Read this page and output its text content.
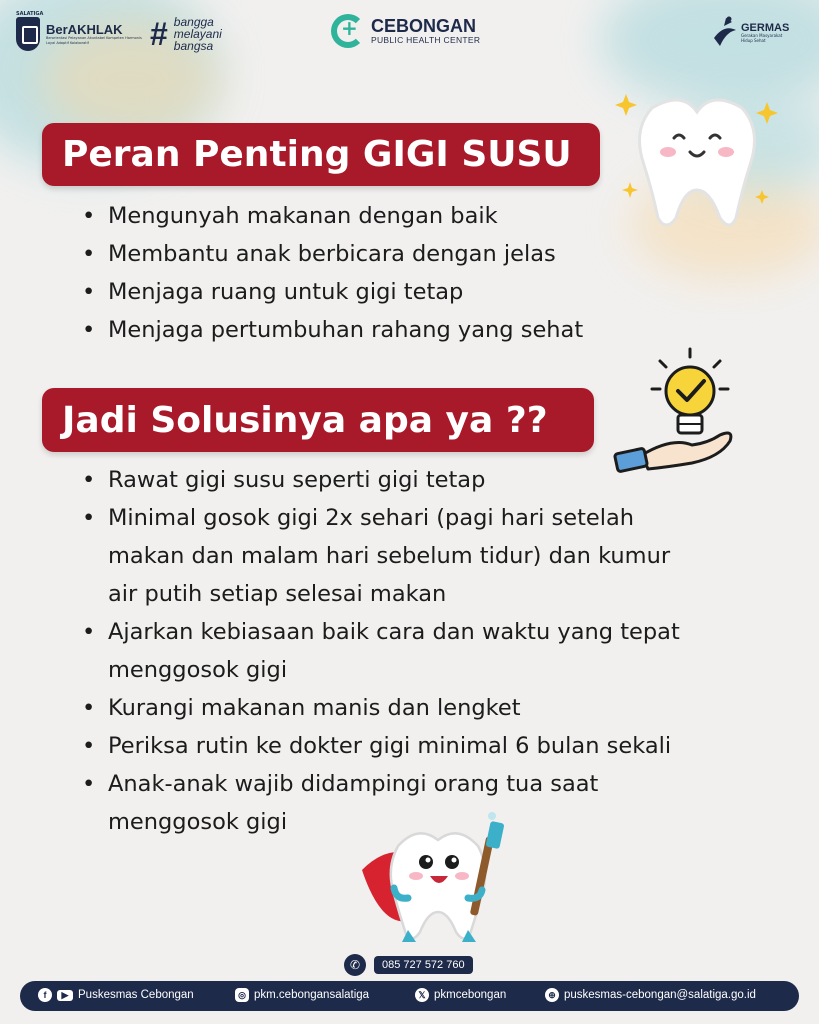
SALATIGA
BerAKHLAK
Berorientasi Pelayanan Akuntabel Kompeten Harmonis Loyal Adaptif Kolaboratif	# bangga
melayani
bangsa
+
CEBONGAN
PUBLIC HEALTH CENTER
GERMAS
Gerakan Masyarakat Hidup Sehat
Peran Penting GIGI SUSU
• Mengunyah makanan dengan baik
• Membantu anak berbicara dengan jelas
• Menjaga ruang untuk gigi tetap
• Menjaga pertumbuhan rahang yang sehat
Jadi Solusinya apa ya ??
• Rawat gigi susu seperti gigi tetap
• Minimal gosok gigi 2x sehari (pagi hari setelah makan dan malam hari sebelum tidur) dan kumur air putih setiap selesai makan
• Ajarkan kebiasaan baik cara dan waktu yang tepat menggosok gigi
• Kurangi makanan manis dan lengket
• Periksa rutin ke dokter gigi minimal 6 bulan sekali
• Anak-anak wajib didampingi orang tua saat menggosok gigi
✆	085 727 572 760
f	▶ Puskesmas Cebongan	◎ pkm.cebongansalatiga	𝕏 pkmcebongan	⊕ puskesmas-cebongan@salatiga.go.id
